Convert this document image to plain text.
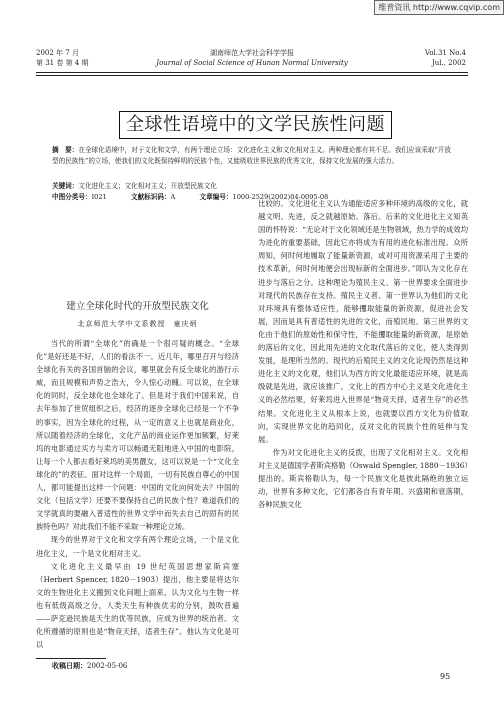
维普资讯 http://www.cqvip.com
2002 年 7 月
第 31 卷 第 4 期
湖南师范大学社会科学学报
Journal of Social Science of Hunan Normal University
Vol.31 No.4
Jul., 2002
全球性语境中的文学民族性问题
摘　要：在全球化语境中，对于文化和文学，有两个理论立场：文化进化主义和文化相对主义。两种理论都有其不足。我们应该采取“开放型的民族性”的立场，使我们的文化既保持鲜明的民族个性，又能吸收世界民族的优秀文化，保持文化发展的强大活力。
关键词：文化进化主义；文化相对主义；开放型民族文化
中图分类号：I021	文献标识码：A	文章编号：1000-2529(2002)04-0095-08
建立全球化时代的开放型民族文化
北京师范大学中文系教授　童庆炳

当代的所谓“全球化”的确是一个很可疑的概念。“全球化”是好还是不好，人们的看法不一。近几年，哪里召开与经济全球化有关的各国首脑的会议，哪里就会有反全球化的游行示威，而且规模和声势之浩大，令人惊心动魄。可以说，在全球化的同时，反全球化也全球化了。但是对于我们中国来说，自去年参加了世贸组织之后，经济的逐步全球化已经是一个不争的事实，因为全球化的过程，从一定的意义上也就是商业化，所以随着经济的全球化，文化产品的商业运作更加频繁，好莱坞的电影通过买方与卖方可以畅通无阻地进入中国的电影院，让每一个人都去看好莱坞的美男靓女，这可以说是一个“文化全球化的”的表征。面对这样一个局面，一切有民族自尊心的中国人，都可能提出这样一个问题：中国的文化向何处去？中国的文化（包括文学）还要不要保持自己的民族个性？难道我们的文学就真的要融入普适性的世界文学中而失去自己的固有的民族特色吗？对此我们不能不采取一种理论立场。

现今的世界对于文化和文学有两个理论立场，一个是文化进化主义，一个是文化相对主义。

文化进化主义最早由 19 世纪英国思想家斯宾塞（Herbert Spencer, 1820－1903）提出，他主要是将达尔文的生物进化主义搬到文化问题上面来，认为文化与生物一样也有低级高级之分，人类天生有种族优劣的分别，鼓吹普遍——萨克逊民族是天生的优等民族，应成为世界的统治者。文化所遵循的原则也是“物竞天择，适者生存”。他认为文化是可以

比较的。文化进化主义认为通能适应多种环境的高级的文化，就越文明、先进，反之就越原始、落后。后来的文化进化主义知英国的怀特说：“无论对于文化领域还是生物领域，热力学的成效均为进化的重要基础，因此它亦将成为有用的进化标准出现。众所周知，何时何地履取了能量新资源，或对可用资源采用了主要的技术革新，何时何地便会出现标新的全面进步。”即认为文化存在进步与落后之分。这种理论为殖民主义、第一世界要求全面进步对现代的民族存在支持。殖民主义者、第一世界认为他们的文化对环境具有整体适应性，能够攫取能量的新资源，促进社会发展，因而是具有普适性的先进的文化，而殖民地、第三世界的文化由于他们的原始性和保守性，不能攫取能量的新资源，是原始的落后的文化，因此用先进的文化取代落后的文化，使人类得到发展，是理所当然的。现代的后殖民主义的文化论现仍然是这种进化主义的文化观，他们认为西方的文化最能适应环境，就是高级就是先进，就应该推广。文化上的西方中心主义是文化进化主义的必然结果，好莱坞进入世界是“物竞天择，适者生存”的必然结果。文化进化主义从根本上说，也就要以西方文化为价值取向，实现世界文化的趋同化，反对文化的民族个性的延伸与发展。

作为对文化进化主义的反拨，出现了文化相对主义。文化相对主义是德国学者斯宾格勒（Oswald Spengler, 1880－1936）提出的。斯宾格勒认为，每一个民族文化是彼此隔绝的独立运动，世界有多种文化，它们都各自有青年期、兴盛期和衰落期，各种民族文化

收稿日期：2002-05-06
95
